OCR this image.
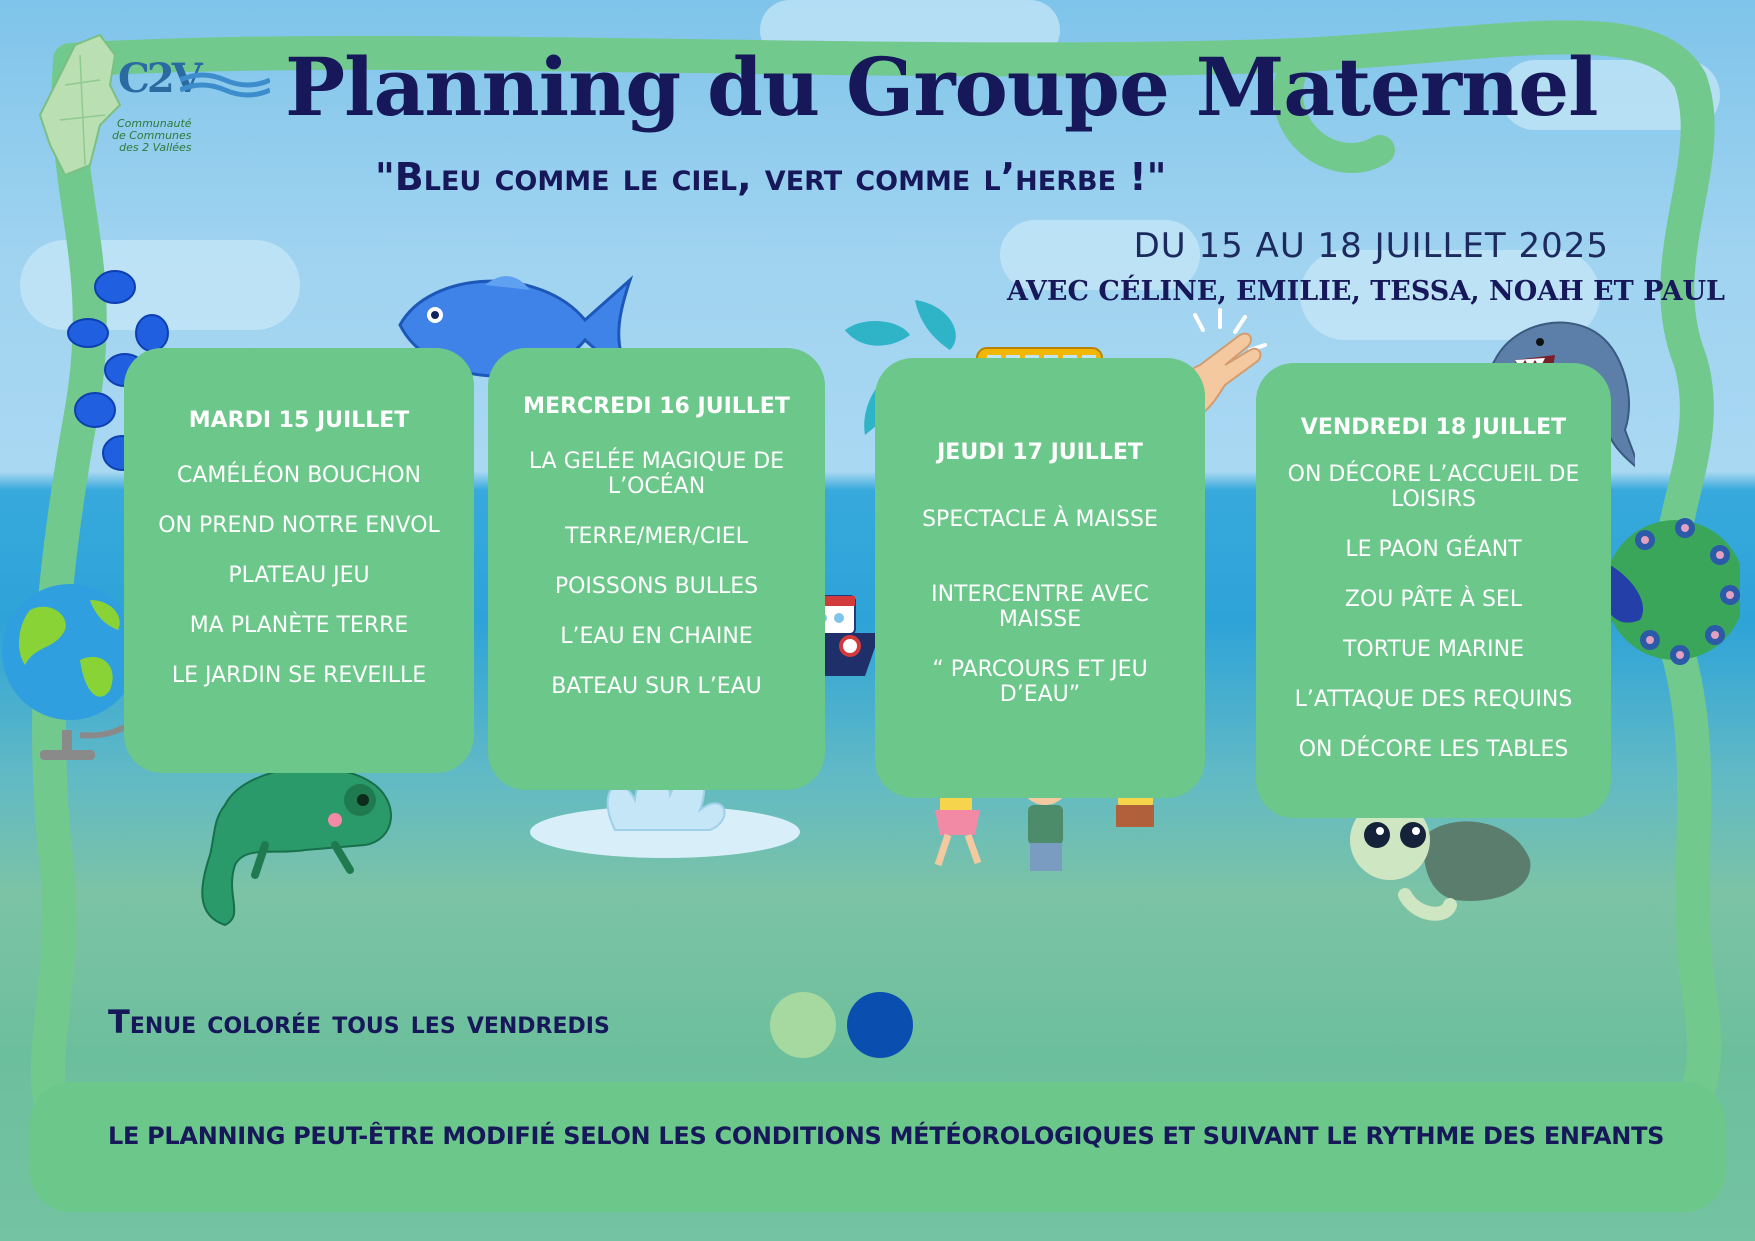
C2V
Communauté
de Communes
des 2 Vallées
Planning du Groupe Maternel
"Bleu comme le ciel, vert comme l’herbe !"
DU 15 AU 18 JUILLET 2025
AVEC CÉLINE, EMILIE, TESSA, NOAH ET PAUL
MARDI 15 JUILLET
CAMÉLÉON BOUCHON
ON PREND NOTRE ENVOL
PLATEAU JEU
MA PLANÈTE TERRE
LE JARDIN SE REVEILLE
MERCREDI 16 JUILLET
LA GELÉE MAGIQUE DE L’OCÉAN
TERRE/MER/CIEL
POISSONS BULLES
L’EAU EN CHAINE
BATEAU SUR L’EAU
JEUDI 17 JUILLET
SPECTACLE À MAISSE
INTERCENTRE AVEC MAISSE
“ PARCOURS ET JEU D’EAU”
VENDREDI 18 JUILLET
ON DÉCORE L’ACCUEIL DE LOISIRS
LE PAON GÉANT
ZOU PÂTE À SEL
TORTUE MARINE
L’ATTAQUE DES REQUINS
ON DÉCORE LES TABLES
Tenue colorée tous les vendredis
LE PLANNING PEUT-ÊTRE MODIFIÉ SELON LES CONDITIONS MÉTÉOROLOGIQUES ET SUIVANT LE RYTHME DES ENFANTS
